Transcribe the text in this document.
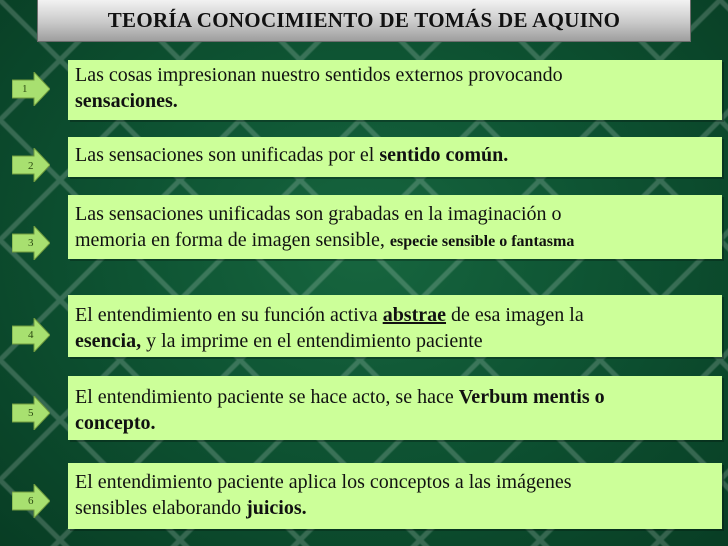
TEORÍA CONOCIMIENTO DE TOMÁS DE AQUINO
1
Las cosas impresionan nuestro sentidos externos provocando
sensaciones.
2	Las sensaciones son unificadas por el sentido común.
3
Las sensaciones unificadas son grabadas en la imaginación o
memoria en forma de imagen sensible, especie sensible o fantasma
4
El entendimiento en su función activa abstrae de esa imagen la
esencia, y la imprime en el entendimiento paciente
5
El entendimiento paciente se hace acto, se hace Verbum mentis o
concepto.
6
El entendimiento paciente aplica los conceptos a las imágenes
sensibles elaborando juicios.
